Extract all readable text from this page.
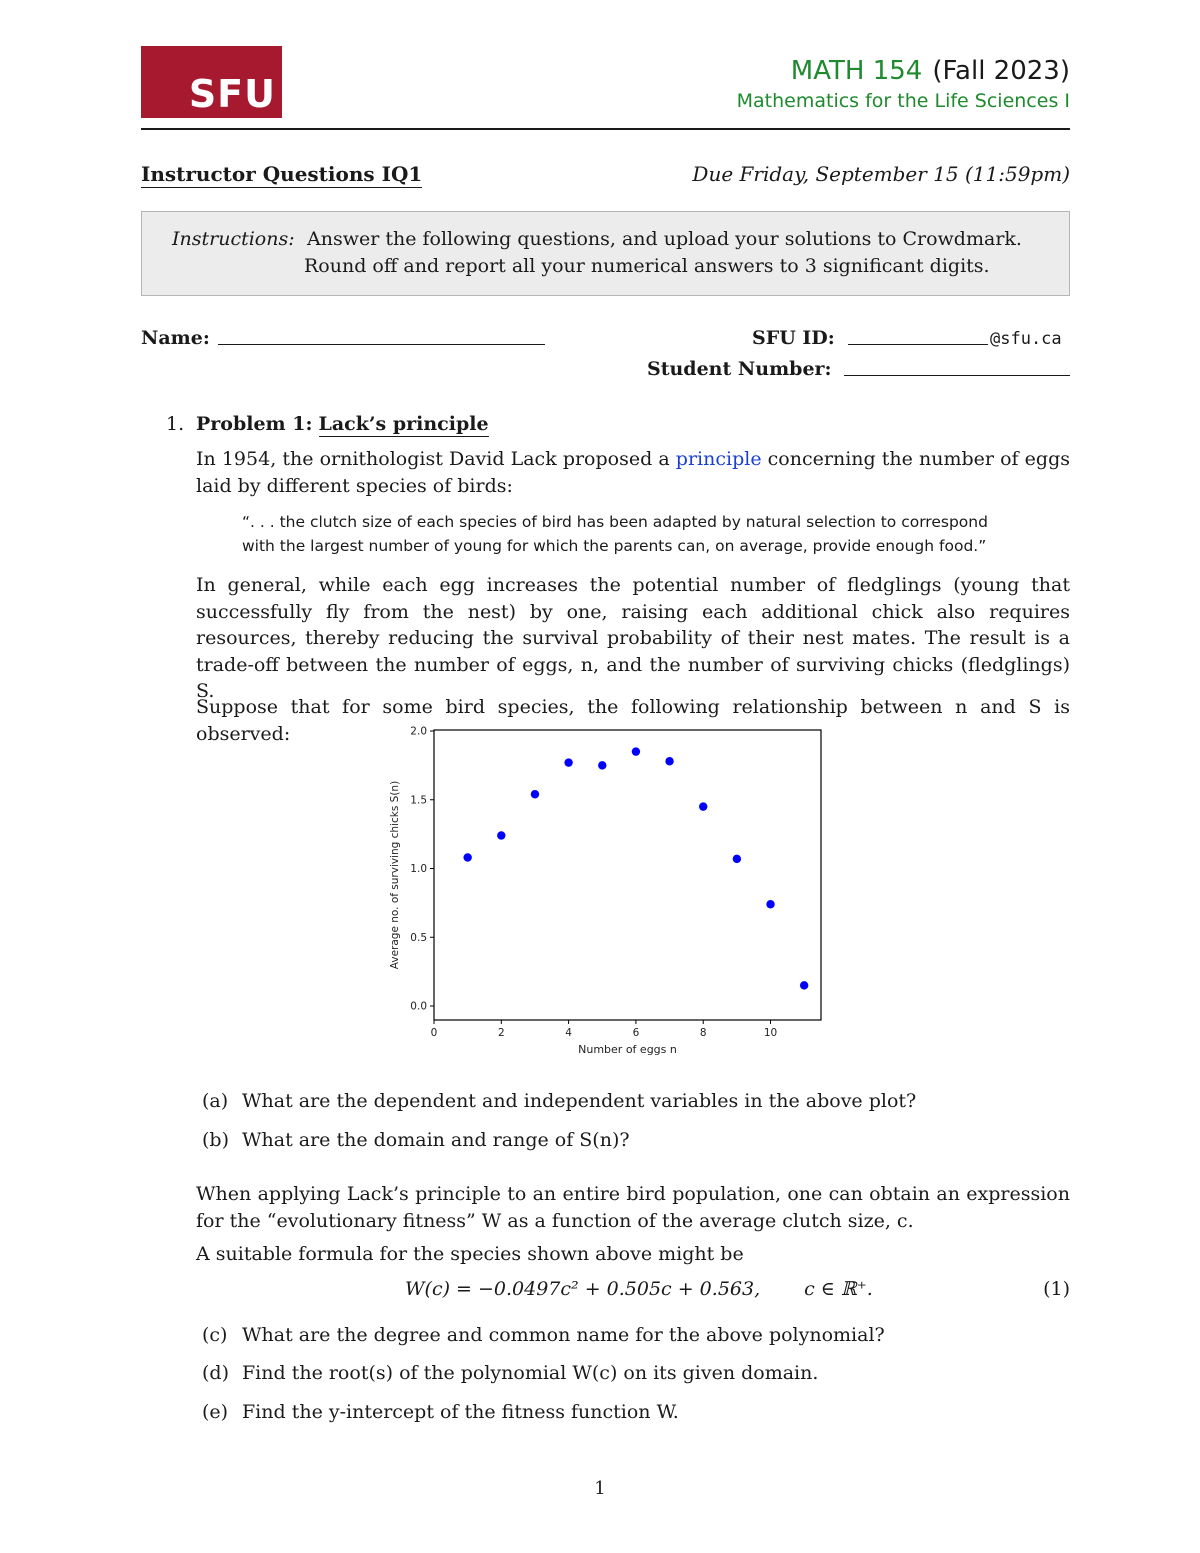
SFU
MATH 154 (Fall 2023)
Mathematics for the Life Sciences I
Instructor Questions IQ1	Due Friday, September 15 (11:59pm)
Instructions: Answer the following questions, and upload your solutions to Crowdmark.
Round off and report all your numerical answers to 3 significant digits.
Name:	SFU ID:	@sfu.ca
Student Number:
1. Problem 1: Lack’s principle
In 1954, the ornithologist David Lack proposed a principle concerning the number of eggs laid by different species of birds:
“. . . the clutch size of each species of bird has been adapted by natural selection to correspond
with the largest number of young for which the parents can, on average, provide enough food.”
In general, while each egg increases the potential number of fledglings (young that successfully fly from the nest) by one, raising each additional chick also requires resources, thereby reducing the survival probability of their nest mates. The result is a trade-off between the number of eggs, n, and the number of surviving chicks (fledglings) S.
Suppose that for some bird species, the following relationship between n and S is observed:
0	2	4	6	8	10
0.0
0.5
1.0
1.5
2.0
Number of eggs n
Average no. of surviving chicks S(n)
(a) What are the dependent and independent variables in the above plot?
(b) What are the domain and range of S(n)?
When applying Lack’s principle to an entire bird population, one can obtain an expression for the “evolutionary fitness” W as a function of the average clutch size, c.
A suitable formula for the species shown above might be
W(c) = −0.0497c² + 0.505c + 0.563, c ∈ ℝ⁺.	(1)
(c) What are the degree and common name for the above polynomial?
(d) Find the root(s) of the polynomial W(c) on its given domain.
(e) Find the y-intercept of the fitness function W.
1
